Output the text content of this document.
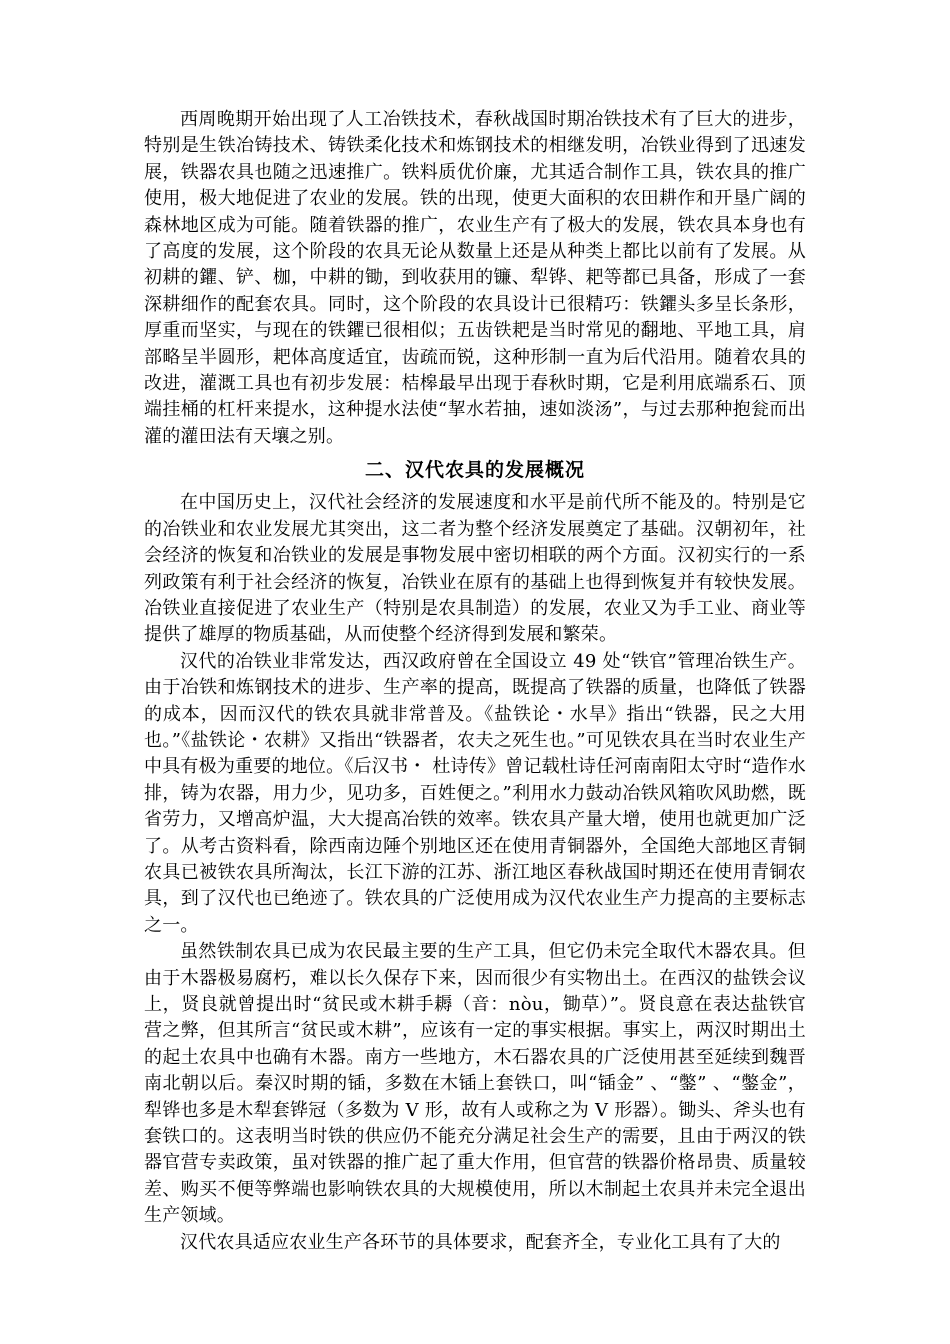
西周晚期开始出现了人工冶铁技术，春秋战国时期冶铁技术有了巨大的进步，特别是生铁冶铸技术、铸铁柔化技术和炼钢技术的相继发明，冶铁业得到了迅速发展，铁器农具也随之迅速推广。铁料质优价廉，尤其适合制作工具，铁农具的推广使用，极大地促进了农业的发展。铁的出现，使更大面积的农田耕作和开垦广阔的森林地区成为可能。随着铁器的推广，农业生产有了极大的发展，铁农具本身也有了高度的发展，这个阶段的农具无论从数量上还是从种类上都比以前有了发展。从初耕的鑺、铲、枷，中耕的锄，到收获用的镰、犁铧、耙等都已具备，形成了一套深耕细作的配套农具。同时，这个阶段的农具设计已很精巧：铁鑺头多呈长条形，厚重而坚实，与现在的铁鑺已很相似；五齿铁耙是当时常见的翻地、平地工具，肩部略呈半圆形，耙体高度适宜，齿疏而锐，这种形制一直为后代沿用。随着农具的改进，灌溉工具也有初步发展：桔槔最早出现于春秋时期，它是利用底端系石、顶端挂桶的杠杆来提水，这种提水法使“挈水若抽，速如淡汤”，与过去那种抱瓮而出灌的灌田法有天壤之别。

二、汉代农具的发展概况

在中国历史上，汉代社会经济的发展速度和水平是前代所不能及的。特别是它的冶铁业和农业发展尤其突出，这二者为整个经济发展奠定了基础。汉朝初年，社会经济的恢复和冶铁业的发展是事物发展中密切相联的两个方面。汉初实行的一系列政策有利于社会经济的恢复，冶铁业在原有的基础上也得到恢复并有较快发展。冶铁业直接促进了农业生产（特别是农具制造）的发展，农业又为手工业、商业等提供了雄厚的物质基础，从而使整个经济得到发展和繁荣。

汉代的冶铁业非常发达，西汉政府曾在全国设立 49 处“铁官”管理冶铁生产。由于冶铁和炼钢技术的进步、生产率的提高，既提高了铁器的质量，也降低了铁器的成本，因而汉代的铁农具就非常普及。《盐铁论・水旱》指出“铁器，民之大用也。”《盐铁论・农耕》又指出“铁器者，农夫之死生也。”可见铁农具在当时农业生产中具有极为重要的地位。《后汉书・ 杜诗传》曾记载杜诗任河南南阳太守时“造作水排，铸为农器，用力少，见功多，百姓便之。”利用水力鼓动冶铁风箱吹风助燃，既省劳力，又增高炉温，大大提高冶铁的效率。铁农具产量大增，使用也就更加广泛了。从考古资料看，除西南边陲个别地区还在使用青铜器外，全国绝大部地区青铜农具已被铁农具所淘汰，长江下游的江苏、浙江地区春秋战国时期还在使用青铜农具，到了汉代也已绝迹了。铁农具的广泛使用成为汉代农业生产力提高的主要标志之一。

虽然铁制农具已成为农民最主要的生产工具，但它仍未完全取代木器农具。但由于木器极易腐朽，难以长久保存下来，因而很少有实物出土。在西汉的盐铁会议上，贤良就曾提出时“贫民或木耕手耨（音：nòu，锄草）”。贤良意在表达盐铁官营之弊，但其所言“贫民或木耕”，应该有一定的事实根据。事实上，两汉时期出土的起土农具中也确有木器。南方一些地方，木石器农具的广泛使用甚至延续到魏晋南北朝以后。秦汉时期的锸，多数在木锸上套铁口，叫“锸金” 、“鐅” 、“鐅金”，犁铧也多是木犁套铧冠（多数为 V 形，故有人或称之为 V 形器）。锄头、斧头也有套铁口的。这表明当时铁的供应仍不能充分满足社会生产的需要，且由于两汉的铁器官营专卖政策，虽对铁器的推广起了重大作用，但官营的铁器价格昂贵、质量较差、购买不便等弊端也影响铁农具的大规模使用，所以木制起土农具并未完全退出生产领域。

汉代农具适应农业生产各环节的具体要求，配套齐全，专业化工具有了大的
